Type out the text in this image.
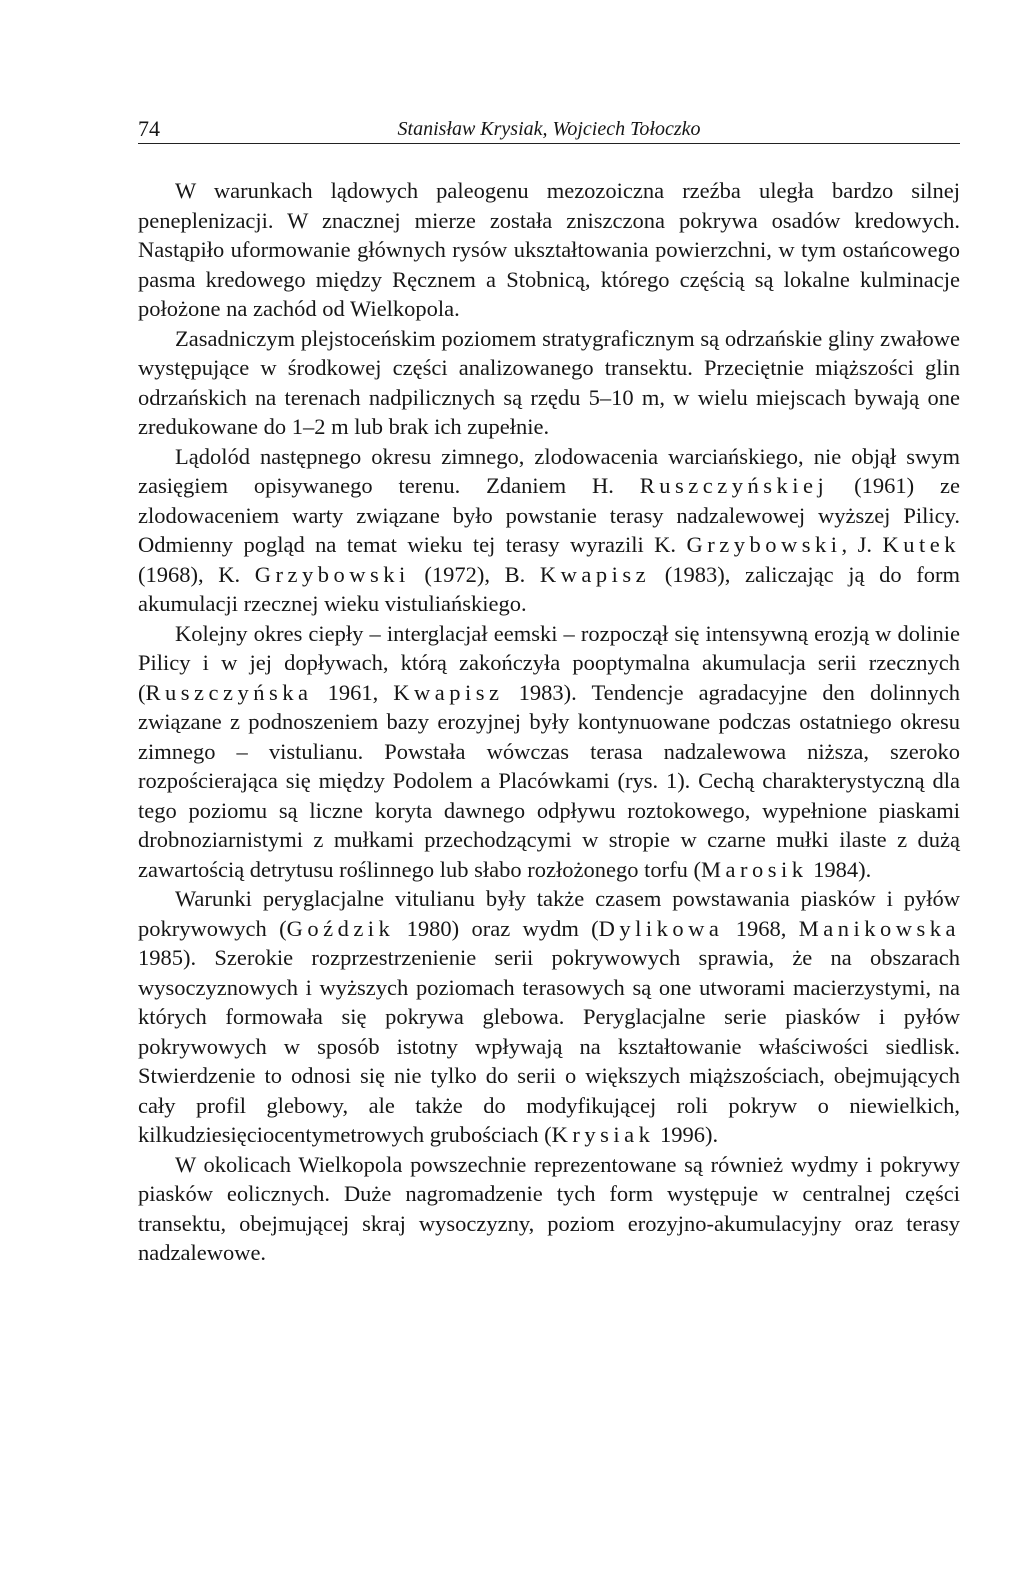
74	Stanisław Krysiak, Wojciech Tołoczko

W warunkach lądowych paleogenu mezozoiczna rzeźba uległa bardzo silnej peneplenizacji. W znacznej mierze została zniszczona pokrywa osadów kredowych. Nastąpiło uformowanie głównych rysów ukształtowania powierzchni, w tym ostańcowego pasma kredowego między Ręcznem a Stobnicą, którego częścią są lokalne kulminacje położone na zachód od Wielkopola.

Zasadniczym plejstoceńskim poziomem stratygraficznym są odrzańskie gliny zwałowe występujące w środkowej części analizowanego transektu. Przeciętnie miąższości glin odrzańskich na terenach nadpilicznych są rzędu 5–10 m, w wielu miejscach bywają one zredukowane do 1–2 m lub brak ich zupełnie.

Lądolód następnego okresu zimnego, zlodowacenia warciańskiego, nie objął swym zasięgiem opisywanego terenu. Zdaniem H. Ruszczyńskiej (1961) ze zlodowaceniem warty związane było powstanie terasy nadzalewowej wyższej Pilicy. Odmienny pogląd na temat wieku tej terasy wyrazili K. Grzybowski, J. Kutek (1968), K. Grzybowski (1972), B. Kwapisz (1983), zaliczając ją do form akumulacji rzecznej wieku vistuliańskiego.

Kolejny okres ciepły – interglacjał eemski – rozpoczął się intensywną erozją w dolinie Pilicy i w jej dopływach, którą zakończyła pooptymalna akumulacja serii rzecznych (Ruszczyńska 1961, Kwapisz 1983). Tendencje agradacyjne den dolinnych związane z podnoszeniem bazy erozyjnej były kontynuowane podczas ostatniego okresu zimnego – vistulianu. Powstała wówczas terasa nadzalewowa niższa, szeroko rozpościerająca się między Podolem a Placówkami (rys. 1). Cechą charakterystyczną dla tego poziomu są liczne koryta dawnego odpływu roztokowego, wypełnione piaskami drobnoziarnistymi z mułkami przechodzącymi w stropie w czarne mułki ilaste z dużą zawartością detrytusu roślinnego lub słabo rozłożonego torfu (Marosik 1984).

Warunki peryglacjalne vitulianu były także czasem powstawania piasków i pyłów pokrywowych (Goździk 1980) oraz wydm (Dylikowa 1968, Manikowska 1985). Szerokie rozprzestrzenienie serii pokrywowych sprawia, że na obszarach wysoczyznowych i wyższych poziomach terasowych są one utworami macierzystymi, na których formowała się pokrywa glebowa. Peryglacjalne serie piasków i pyłów pokrywowych w sposób istotny wpływają na kształtowanie właściwości siedlisk. Stwierdzenie to odnosi się nie tylko do serii o większych miąższościach, obejmujących cały profil glebowy, ale także do modyfikującej roli pokryw o niewielkich, kilkudziesięciocentymetrowych grubościach (Krysiak 1996).

W okolicach Wielkopola powszechnie reprezentowane są również wydmy i pokrywy piasków eolicznych. Duże nagromadzenie tych form występuje w centralnej części transektu, obejmującej skraj wysoczyzny, poziom erozyjno-akumulacyjny oraz terasy nadzalewowe.
